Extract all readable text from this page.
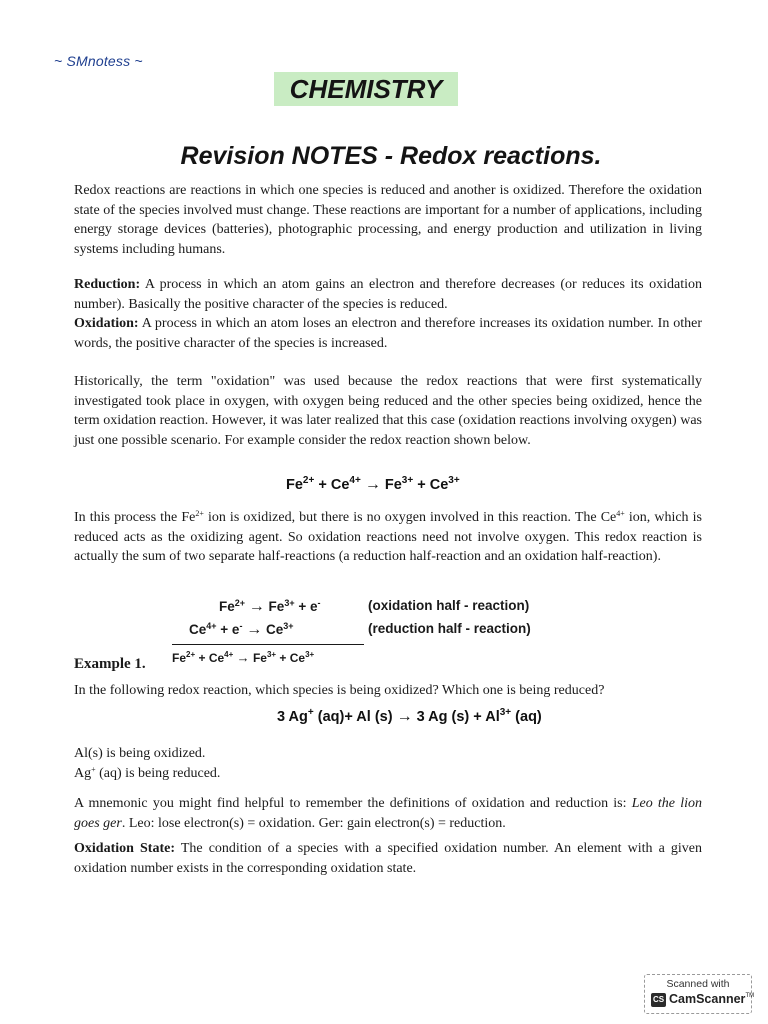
~ SMnotess ~
CHEMISTRY
Revision NOTES - Redox reactions.
Redox reactions are reactions in which one species is reduced and another is oxidized. Therefore the oxidation state of the species involved must change. These reactions are important for a number of applications, including energy storage devices (batteries), photographic processing, and energy production and utilization in living systems including humans.
Reduction: A process in which an atom gains an electron and therefore decreases (or reduces its oxidation number). Basically the positive character of the species is reduced.
Oxidation: A process in which an atom loses an electron and therefore increases its oxidation number. In other words, the positive character of the species is increased.
Historically, the term "oxidation" was used because the redox reactions that were first systematically investigated took place in oxygen, with oxygen being reduced and the other species being oxidized, hence the term oxidation reaction. However, it was later realized that this case (oxidation reactions involving oxygen) was just one possible scenario. For example consider the redox reaction shown below.
$Fe^{2+} + Ce^{4+} \to Fe^{3+} + Ce^{3+}$
In this process the $Fe^{2+}$ ion is oxidized, but there is no oxygen involved in this reaction. The $Ce^{4+}$ ion, which is reduced acts as the oxidizing agent. So oxidation reactions need not involve oxygen. This redox reaction is actually the sum of two separate half-reactions (a reduction half-reaction and an oxidation half-reaction).
$Fe^{2+} \to Fe^{3+} + e^-$	(oxidation half - reaction)
$Ce^{4+} + e^- \to Ce^{3+}$	(reduction half - reaction)
$Fe^{2+} + Ce^{4+} \to Fe^{3+} + Ce^{3+}$
Example 1.
In the following redox reaction, which species is being oxidized? Which one is being reduced?
3 Ag+ (aq)+ Al (s) → 3 Ag $(s) + Al^{3+}$ (aq)
Al(s) is being oxidized.
Ag+ (aq) is being reduced.
A mnemonic you might find helpful to remember the definitions of oxidation and reduction is: Leo the lion goes ger. Leo: lose electron(s) = oxidation. Ger: gain electron(s) = reduction.
Oxidation State: The condition of a species with a specified oxidation number. An element with a given oxidation number exists in the corresponding oxidation state.
Scanned with
CS CamScanner™
